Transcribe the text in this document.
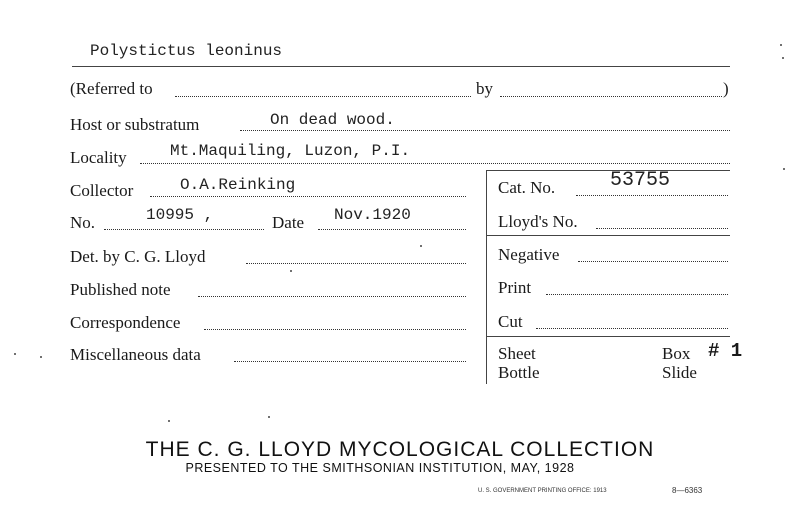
Polystictus leoninus
(Referred to	by	)
Host or substratum	On dead wood.
Locality	Mt.Maquiling, Luzon, P.I.
Collector	O.A.Reinking
No.	10995 ,	Date Nov.1920
Det. by C. G. Lloyd
Published note
Correspondence
Miscellaneous data
Cat. No.	53755
Lloyd's No.
Negative
Print
Cut
Sheet
Bottle
Box # 1
Slide
THE C. G. LLOYD MYCOLOGICAL COLLECTION
PRESENTED TO THE SMITHSONIAN INSTITUTION, MAY, 1928
U. S. GOVERNMENT PRINTING OFFICE: 1913	8—6363
